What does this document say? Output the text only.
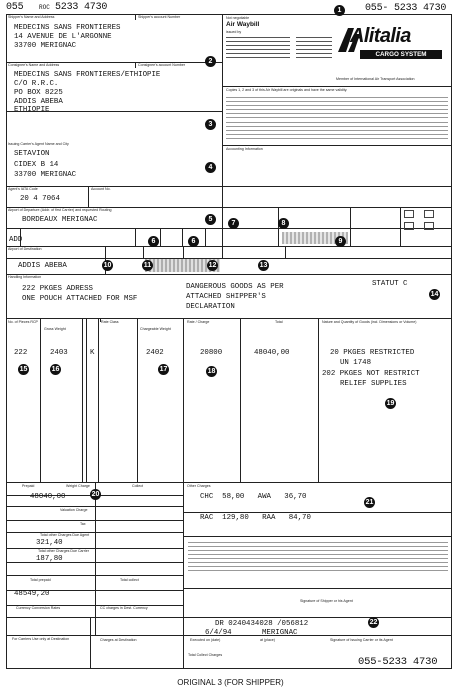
055	ROC 5233 4730	055- 5233 4730
Shipper's Name and Address	Shipper's account Number
MEDECINS SANS FRONTIERES
14 AVENUE DE L'ARGONNE
33700 MERIGNAC
Consignee's Name and Address	Consignee's account Number
MEDECINS SANS FRONTIERES/ETHIOPIE
C/O R.R.C.
PO BOX 8225
ADDIS ABEBA
ETHIOPIE
Issuing Carrier's Agent Name and City
SETAVION
CIDEX B 14
33700 MERIGNAC
Agent's IATA Code
20 4 7064
Account No.
Airport of Departure (Addr. of first Carrier) and requested Routing
BORDEAUX MERIGNAC
ADD
Airport of Destination
ADDIS ABEBA
Not negotiable
Air Waybill
issued by	Alitalia
CARGO SYSTEM
Member of International Air Transport Association
Copies 1, 2 and 3 of this Air Waybill are originals and have the same validity.
Accounting Information
Handling Information
222 PKGES ADRESS
ONE POUCH ATTACHED FOR MSF
DANGEROUS GOODS AS PER
ATTACHED SHIPPER'S
DECLARATION
STATUT C
No. of Pieces RCP
Gross Weight
Rate Class
Chargeable Weight
Rate / Charge	Total	Nature and Quantity of Goods (incl. Dimensions or Volume)
222	2403	K	2402	20800	48040,00	20 PKGES RESTRICTED
UN 1748
202 PKGES NOT RESTRICT
RELIEF SUPPLIES
Prepaid	Weight Charge	Collect
48040,00
Valuation Charge
Tax
Total other Charges Due Agent
321,40
Total other Charges Due Carrier
187,80
Total prepaid	Total collect
48549,20
Currency Conversion Rates	CC charges in Dest. Currency
Other Charges
CHC  58,00   AWA   36,70
RAC  129,80   RAA   84,70
Signature of Shipper or his Agent
DR 0240434028 /056812
6/4/94	MERIGNAC
Executed on (date)	at (place)	Signature of Issuing Carrier or its Agent
For Carriers Use only at Destination	Charges at Destination
Total Collect Charges
055-5233 4730
ORIGINAL 3 (FOR SHIPPER)
1
2
3
4
5
6	6
7	8
9
10	11	12	13
14
15	16	17	18
19
20
21
22
